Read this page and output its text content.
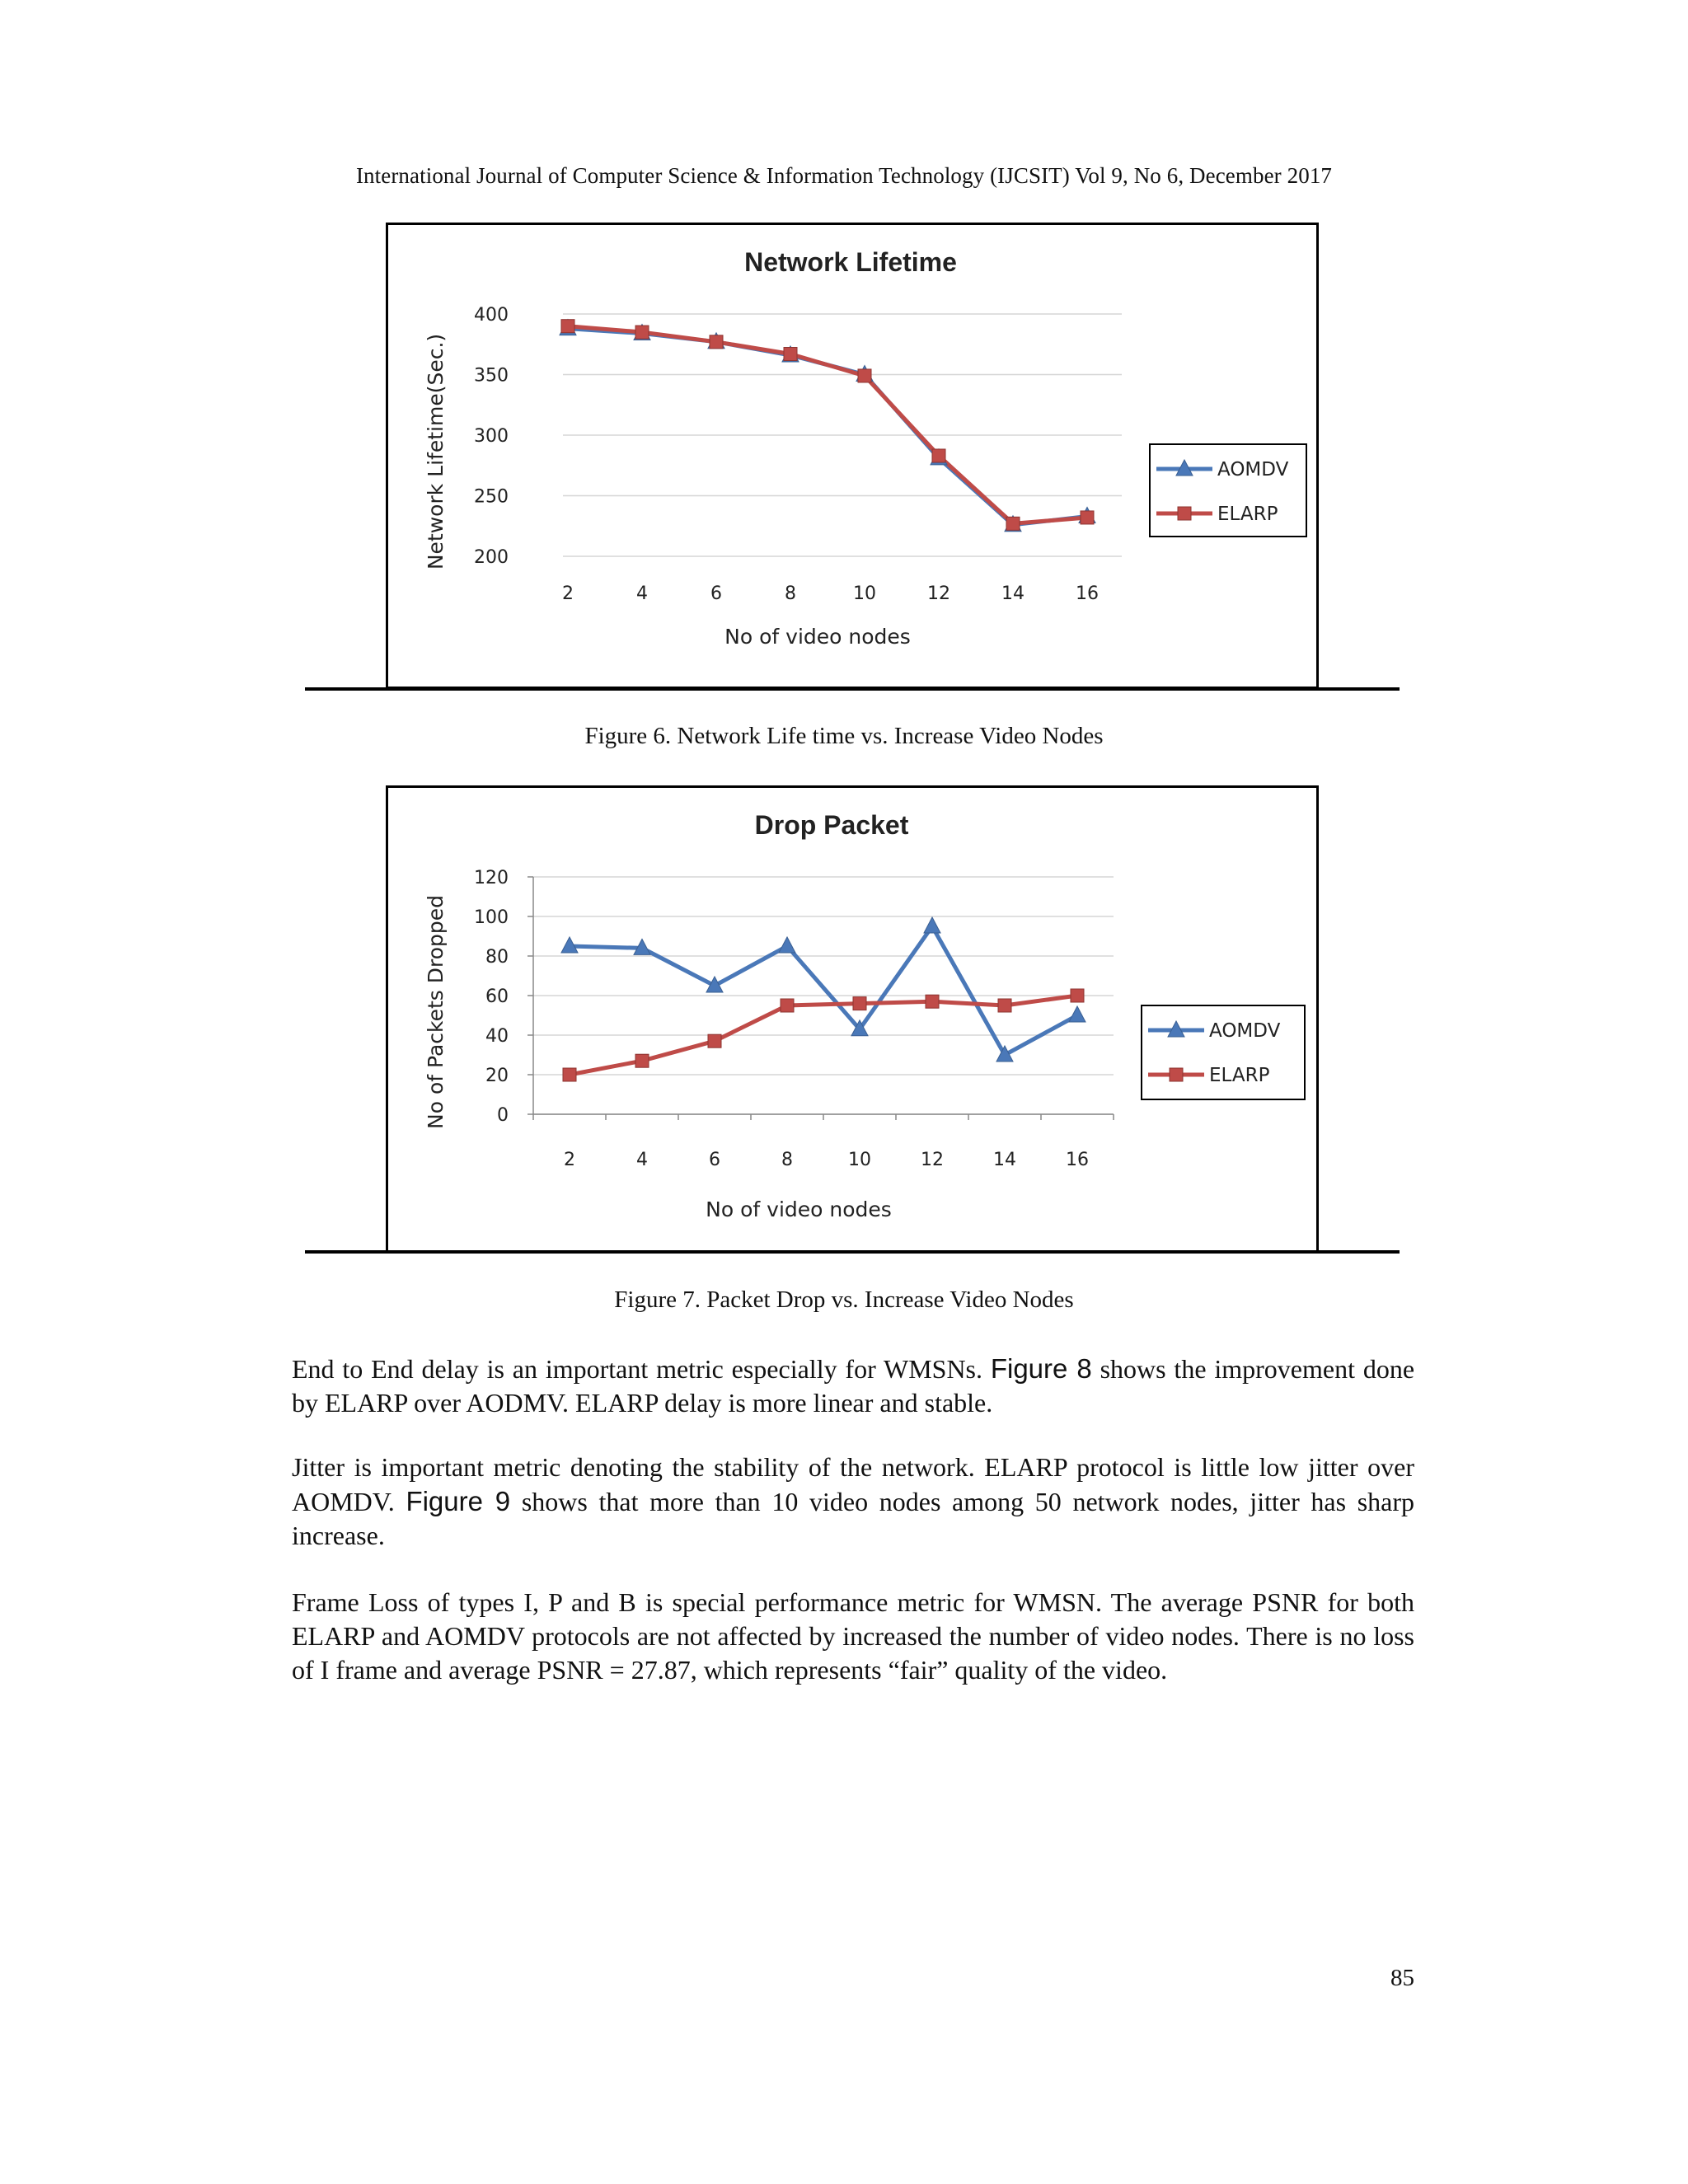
International Journal of Computer Science & Information Technology (IJCSIT) Vol 9, No 6, December 2017
Network Lifetime
200
250
300
350
400
2	4	6	8	10	12	14	16
No of video nodes
Network Lifetime(Sec.)	AOMDV
ELARP
Figure 6. Network Life time vs. Increase Video Nodes
Drop Packet
0
20
40
60
80
100
120
2	4	6	8	10	12	14	16
No of video nodes
No of Packets Dropped	AOMDV
ELARP
Figure 7. Packet Drop vs. Increase Video Nodes
End to End delay is an important metric especially for WMSNs. Figure 8 shows the improvement done by ELARP over AODMV. ELARP delay is more linear and stable.
Jitter is important metric denoting the stability of the network. ELARP protocol is little low jitter over AOMDV. Figure 9 shows that more than 10 video nodes among 50 network nodes, jitter has sharp increase.
Frame Loss of types I, P and B is special performance metric for WMSN. The average PSNR for both ELARP and AOMDV protocols are not affected by increased the number of video nodes. There is no loss of I frame and average PSNR = 27.87, which represents “fair” quality of the video.
85
